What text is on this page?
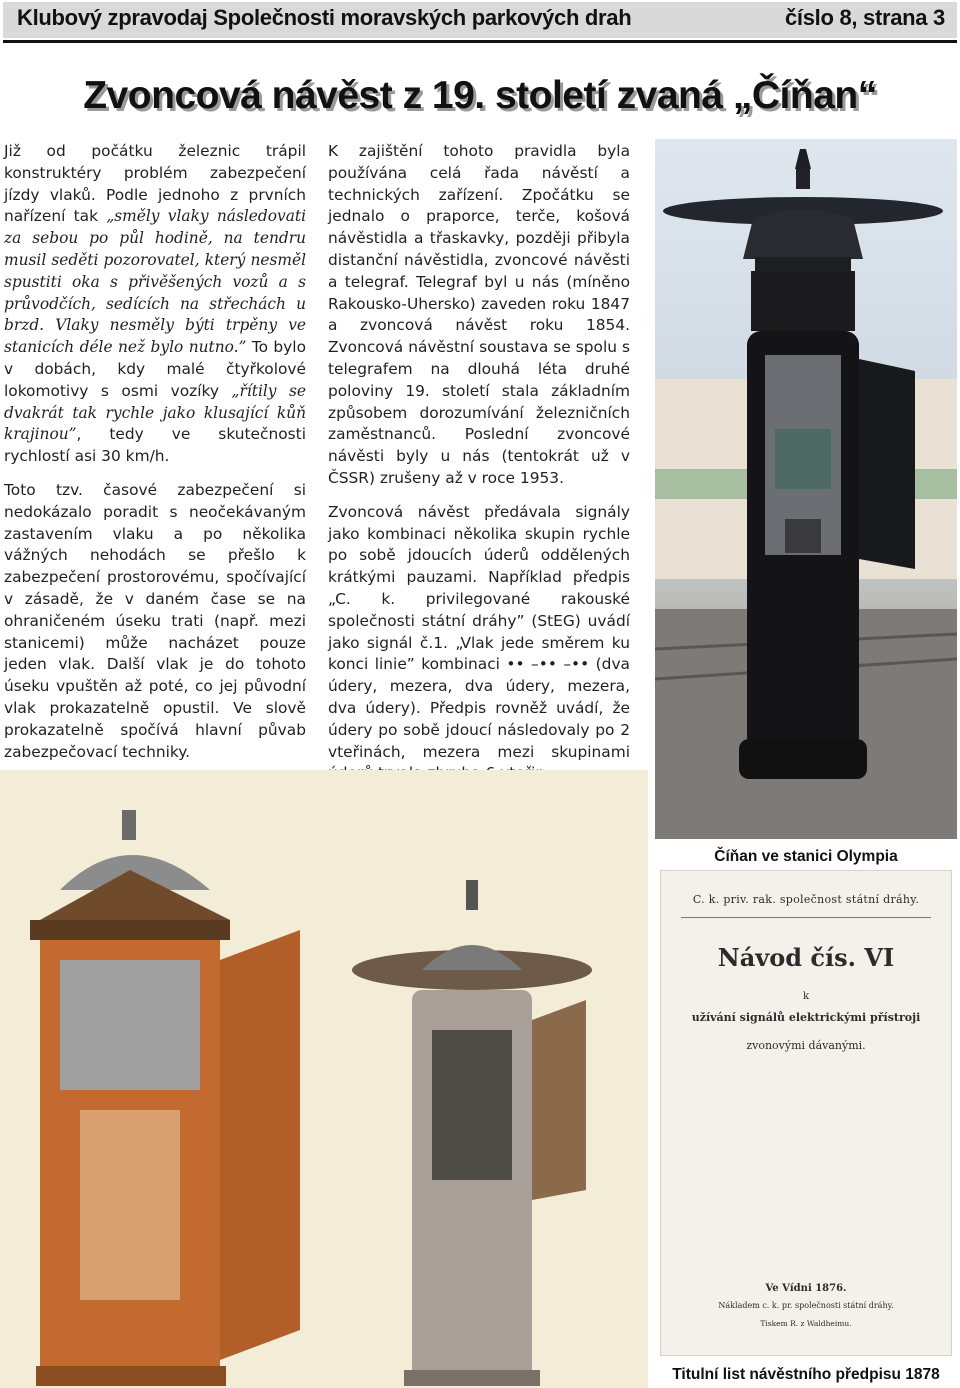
Klubový zpravodaj Společnosti moravských parkových drah	číslo 8, strana 3
Zvoncová návěst z 19. století zvaná „Číňan“

Již od počátku železnic trápil konstruktéry problém zabezpečení jízdy vlaků. Podle jednoho z prvních nařízení tak „směly vlaky následovati za sebou po půl hodině, na tendru musil seděti pozorovatel, který nesměl spustiti oka s přivěšených vozů a s průvodčích, sedících na střechách u brzd. Vlaky nesměly býti trpěny ve stanicích déle než bylo nutno.” To bylo v dobách, kdy malé čtyřkolové lokomotivy s osmi vozíky „řítily se dvakrát tak rychle jako klusající kůň krajinou”, tedy ve skutečnosti rychlostí asi 30 km/h.

Toto tzv. časové zabezpečení si nedokázalo poradit s neočekávaným zastavením vlaku a po několika vážných nehodách se přešlo k zabezpečení prostorovému, spočívající v zásadě, že v daném čase se na ohraničeném úseku trati (např. mezi stanicemi) může nacházet pouze jeden vlak. Další vlak je do tohoto úseku vpuštěn až poté, co jej původní vlak prokazatelně opustil. Ve slově prokazatelně spočívá hlavní půvab zabezpečovací techniky.

K zajištění tohoto pravidla byla používána celá řada návěstí a technických zařízení. Zpočátku se jednalo o praporce, terče, košová návěstidla a třaskavky, později přibyla distanční návěstidla, zvoncové návěsti a telegraf. Telegraf byl u nás (míněno Rakousko-Uhersko) zaveden roku 1847 a zvoncová návěst roku 1854. Zvoncová návěstní soustava se spolu s telegrafem na dlouhá léta druhé poloviny 19. století stala základním způsobem dorozumívání železničních zaměstnanců. Poslední zvoncové návěsti byly u nás (tentokrát už v ČSSR) zrušeny až v roce 1953.

Zvoncová návěst předávala signály jako kombinaci několika skupin rychle po sobě jdoucích úderů oddělených krátkými pauzami. Například předpis „C. k. privilegované rakouské společnosti státní dráhy” (StEG) uvádí jako signál č.1. „Vlak jede směrem ku konci linie” kombinaci •• –•• –•• (dva údery, mezera, dva údery, mezera, dva údery). Předpis rovněž uvádí, že údery po sobě jdoucí následovaly po 2 vteřinách, mezera mezi skupinami

Číňan ve stanici Olympia
C. k. priv. rak. společnost státní dráhy.
Návod čís. VI
k
užívání signálů elektrickými přístroji
zvonovými dávanými.
Ve Vídni 1876.
Nákladem c. k. pr. společnosti státní dráhy.
Tiskem R. z Waldheimu.
Titulní list návěstního předpisu 1878
